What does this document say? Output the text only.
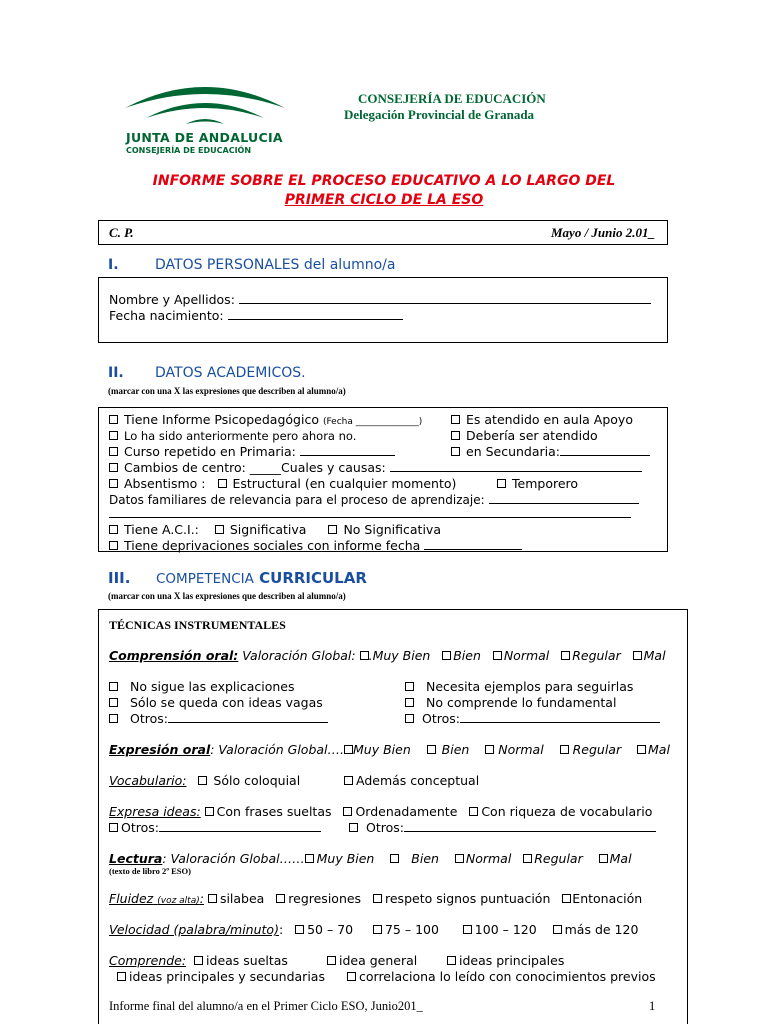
JUNTA DE ANDALUCIA
CONSEJERÍA DE EDUCACIÓN
CONSEJERÍA DE EDUCACIÓN
Delegación Provincial de Granada
INFORME SOBRE EL PROCESO EDUCATIVO A LO LARGO DEL
PRIMER CICLO DE LA ESO
C. P.	Mayo / Junio 2.01_
I.	DATOS PERSONALES del alumno/a
Nombre y Apellidos:
Fecha nacimiento:
II. DATOS ACADEMICOS.
(marcar con una X las expresiones que describen al alumno/a)
Tiene Informe Psicopedagógico (Fecha ______________)	Es atendido en aula Apoyo
Lo ha sido anteriormente pero ahora no.	Debería ser atendido
Curso repetido en Primaria:	en Secundaria:
Cambios de centro: _____Cuales y causas:
Absentismo : Estructural (en cualquier momento)	Temporero
Datos familiares de relevancia para el proceso de aprendizaje:
Tiene A.C.I.: Significativa	No Significativa
Tiene deprivaciones sociales con informe fecha
III. COMPETENCIA CURRICULAR
(marcar con una X las expresiones que describen al alumno/a)
TÉCNICAS INSTRUMENTALES
Comprensión oral: Valoración Global: .Muy Bien Bien Normal Regular Mal
No sigue las explicaciones	Necesita ejemplos para seguirlas
Sólo se queda con ideas vagas	No comprende lo fundamental
Otros:	Otros:
Expresión oral: Valoración Global…. Muy Bien Bien Normal Regular Mal
Vocabulario: Sólo coloquial	Además conceptual
Expresa ideas: Con frases sueltas Ordenadamente Con riqueza de vocabulario
Otros:	Otros:
Lectura: Valoración Global…… Muy Bien	Bien Normal Regular Mal
(texto de libro 2º ESO)
Fluidez (voz alta): silabea regresiones respeto signos puntuación Entonación
Velocidad (palabra/minuto): 50 – 70	75 – 100	100 – 120 más de 120
Comprende: ideas sueltas	idea general	ideas principales
ideas principales y secundarias	correlaciona lo leído con conocimientos previos
Informe final del alumno/a en el Primer Ciclo ESO, Junio201_	1
